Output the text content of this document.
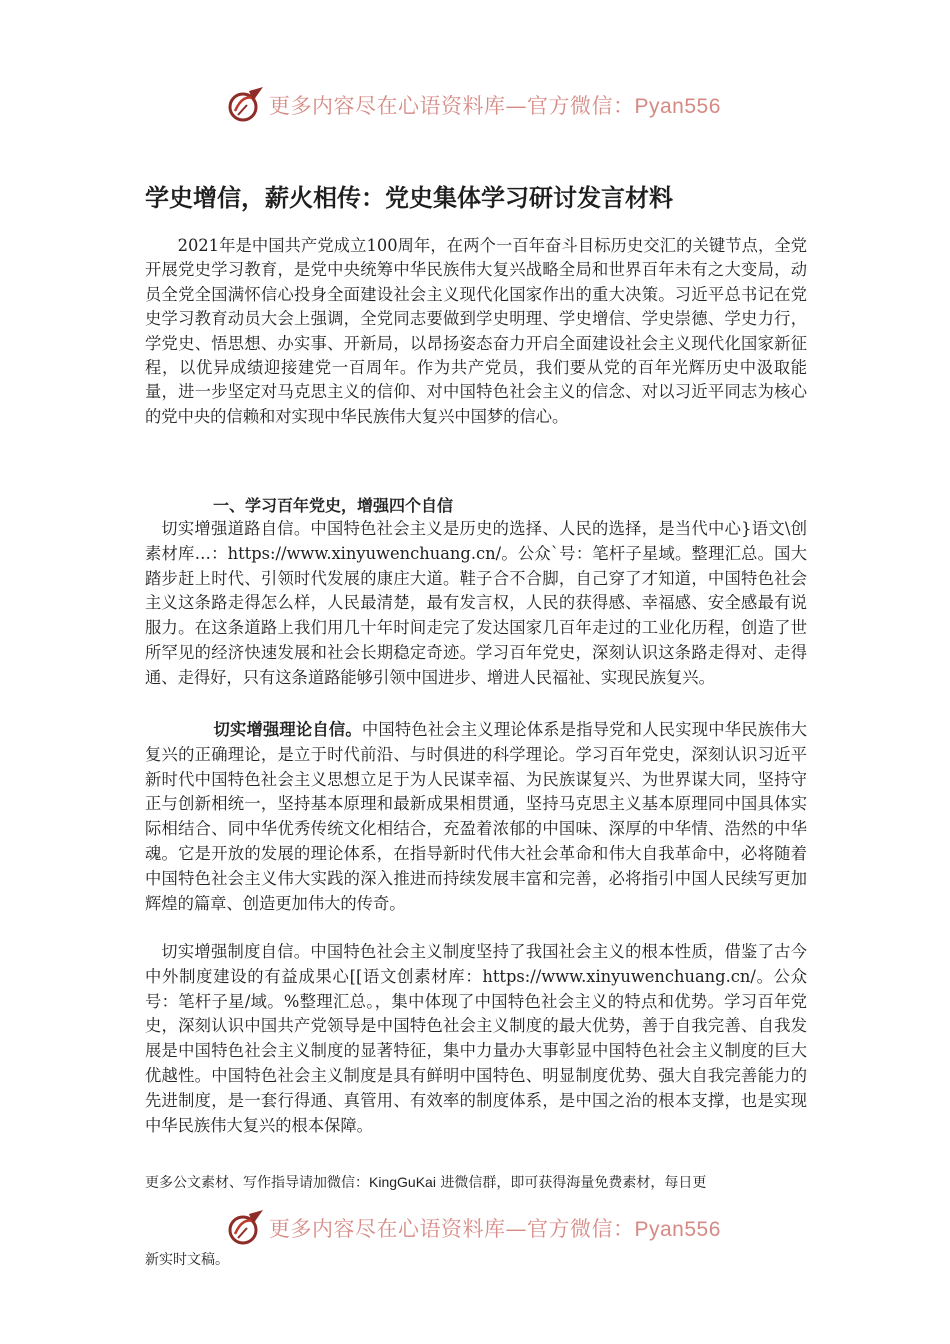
更多内容尽在心语资料库—官方微信：Pyan556
学史增信，薪火相传：党史集体学习研讨发言材料

2021年是中国共产党成立100周年，在两个一百年奋斗目标历史交汇的关键节点，全党开展党史学习教育，是党中央统筹中华民族伟大复兴战略全局和世界百年未有之大变局，动员全党全国满怀信心投身全面建设社会主义现代化国家作出的重大决策。习近平总书记在党史学习教育动员大会上强调，全党同志要做到学史明理、学史增信、学史崇德、学史力行，学党史、悟思想、办实事、开新局，以昂扬姿态奋力开启全面建设社会主义现代化国家新征程，以优异成绩迎接建党一百周年。作为共产党员，我们要从党的百年光辉历史中汲取能量，进一步坚定对马克思主义的信仰、对中国特色社会主义的信念、对以习近平同志为核心的党中央的信赖和对实现中华民族伟大复兴中国梦的信心。

一、学习百年党史，增强四个自信

切实增强道路自信。中国特色社会主义是历史的选择、人民的选择，是当代中心}语文\创素材库…：https://www.xinyuwenchuang.cn/。公众`号：笔杆子星域。整理汇总。国大踏步赶上时代、引领时代发展的康庄大道。鞋子合不合脚，自己穿了才知道，中国特色社会主义这条路走得怎么样，人民最清楚，最有发言权，人民的获得感、幸福感、安全感最有说服力。在这条道路上我们用几十年时间走完了发达国家几百年走过的工业化历程，创造了世所罕见的经济快速发展和社会长期稳定奇迹。学习百年党史，深刻认识这条路走得对、走得通、走得好，只有这条道路能够引领中国进步、增进人民福祉、实现民族复兴。

切实增强理论自信。中国特色社会主义理论体系是指导党和人民实现中华民族伟大复兴的正确理论，是立于时代前沿、与时俱进的科学理论。学习百年党史，深刻认识习近平新时代中国特色社会主义思想立足于为人民谋幸福、为民族谋复兴、为世界谋大同，坚持守正与创新相统一，坚持基本原理和最新成果相贯通，坚持马克思主义基本原理同中国具体实际相结合、同中华优秀传统文化相结合，充盈着浓郁的中国味、深厚的中华情、浩然的中华魂。它是开放的发展的理论体系，在指导新时代伟大社会革命和伟大自我革命中，必将随着中国特色社会主义伟大实践的深入推进而持续发展丰富和完善，必将指引中国人民续写更加辉煌的篇章、创造更加伟大的传奇。

切实增强制度自信。中国特色社会主义制度坚持了我国社会主义的根本性质，借鉴了古今中外制度建设的有益成果心[[语文创素材库：https://www.xinyuwenchuang.cn/。公众号：笔杆子星/域。%整理汇总。，集中体现了中国特色社会主义的特点和优势。学习百年党史，深刻认识中国共产党领导是中国特色社会主义制度的最大优势，善于自我完善、自我发展是中国特色社会主义制度的显著特征，集中力量办大事彰显中国特色社会主义制度的巨大优越性。中国特色社会主义制度是具有鲜明中国特色、明显制度优势、强大自我完善能力的先进制度，是一套行得通、真管用、有效率的制度体系，是中国之治的根本支撑，也是实现中华民族伟大复兴的根本保障。

更多公文素材、写作指导请加微信：KingGuKai 进微信群，即可获得海量免费素材，每日更
更多内容尽在心语资料库—官方微信：Pyan556
新实时文稿。
